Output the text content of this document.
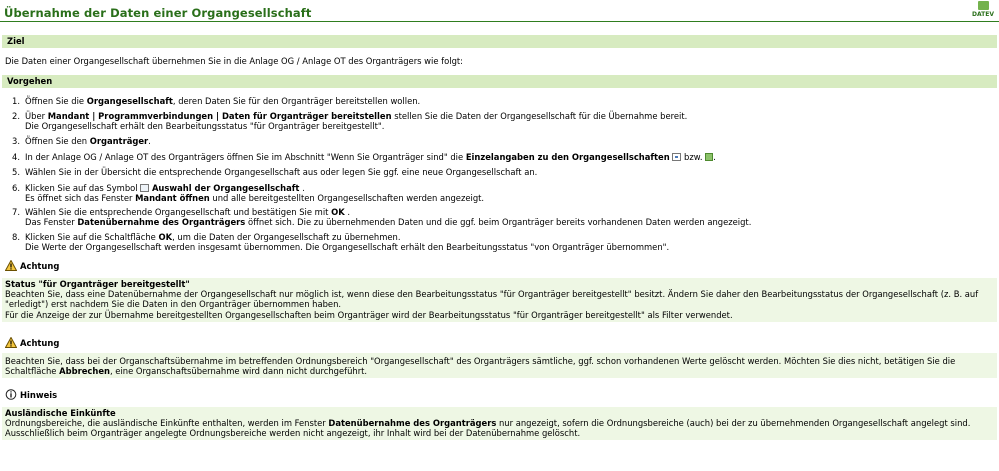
Übernahme der Daten einer Organgesellschaft	DATEV
Ziel
Die Daten einer Organgesellschaft übernehmen Sie in die Anlage OG / Anlage OT des Organträgers wie folgt:
Vorgehen
1. Öffnen Sie die Organgesellschaft, deren Daten Sie für den Organträger bereitstellen wollen.
2. Über Mandant | Programmverbindungen | Daten für Organträger bereitstellen stellen Sie die Daten der Organgesellschaft für die Übernahme bereit.
Die Organgesellschaft erhält den Bearbeitungsstatus "für Organträger bereitgestellt".
3. Öffnen Sie den Organträger.
4. In der Anlage OG / Anlage OT des Organträgers öffnen Sie im Abschnitt "Wenn Sie Organträger sind" die Einzelangaben zu den Organgesellschaften  bzw. .
5. Wählen Sie in der Übersicht die entsprechende Organgesellschaft aus oder legen Sie ggf. eine neue Organgesellschaft an.
6. Klicken Sie auf das Symbol  Auswahl der Organgesellschaft .
Es öffnet sich das Fenster Mandant öffnen und alle bereitgestellten Organgesellschaften werden angezeigt.
7. Wählen Sie die entsprechende Organgesellschaft und bestätigen Sie mit OK .
Das Fenster Datenübernahme des Organträgers öffnet sich. Die zu übernehmenden Daten und die ggf. beim Organträger bereits vorhandenen Daten werden angezeigt.
8. Klicken Sie auf die Schaltfläche OK, um die Daten der Organgesellschaft zu übernehmen.
Die Werte der Organgesellschaft werden insgesamt übernommen. Die Organgesellschaft erhält den Bearbeitungsstatus "von Organträger übernommen".
Achtung
Status "für Organträger bereitgestellt"
Beachten Sie, dass eine Datenübernahme der Organgesellschaft nur möglich ist, wenn diese den Bearbeitungsstatus "für Organträger bereitgestellt" besitzt. Ändern Sie daher den Bearbeitungsstatus der Organgesellschaft (z. B. auf "erledigt") erst nachdem Sie die Daten in den Organträger übernommen haben.
Für die Anzeige der zur Übernahme bereitgestellten Organgesellschaften beim Organträger wird der Bearbeitungsstatus "für Organträger bereitgestellt" als Filter verwendet.
Achtung
Beachten Sie, dass bei der Organschaftsübernahme im betreffenden Ordnungsbereich "Organgesellschaft" des Organträgers sämtliche, ggf. schon vorhandenen Werte gelöscht werden. Möchten Sie dies nicht, betätigen Sie die Schaltfläche Abbrechen, eine Organschaftsübernahme wird dann nicht durchgeführt.
Hinweis
Ausländische Einkünfte
Ordnungsbereiche, die ausländische Einkünfte enthalten, werden im Fenster Datenübernahme des Organträgers nur angezeigt, sofern die Ordnungsbereiche (auch) bei der zu übernehmenden Organgesellschaft angelegt sind. Ausschließlich beim Organträger angelegte Ordnungsbereiche werden nicht angezeigt, ihr Inhalt wird bei der Datenübernahme gelöscht.
